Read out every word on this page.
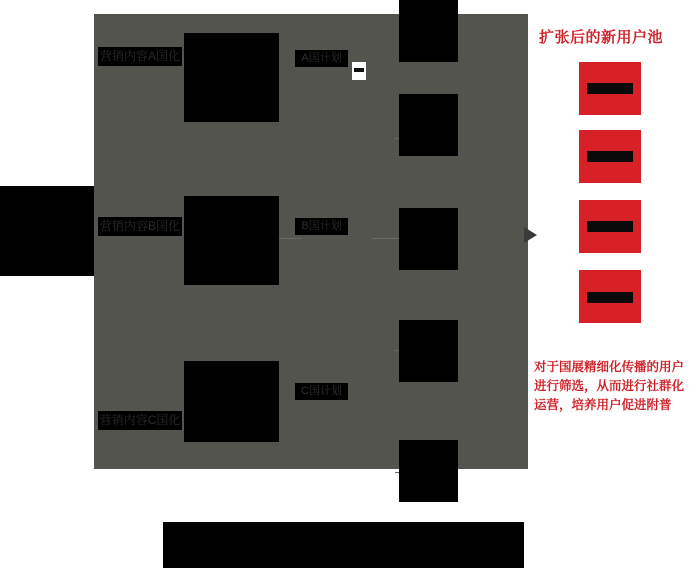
营销内容A国化	A国计划
营销内容B国化	B国计划
营销内容C国化
C国计划
扩张后的新用户池
对于国展精细化传播的用户进行筛选，从而进行社群化运营，培养用户促进附普
